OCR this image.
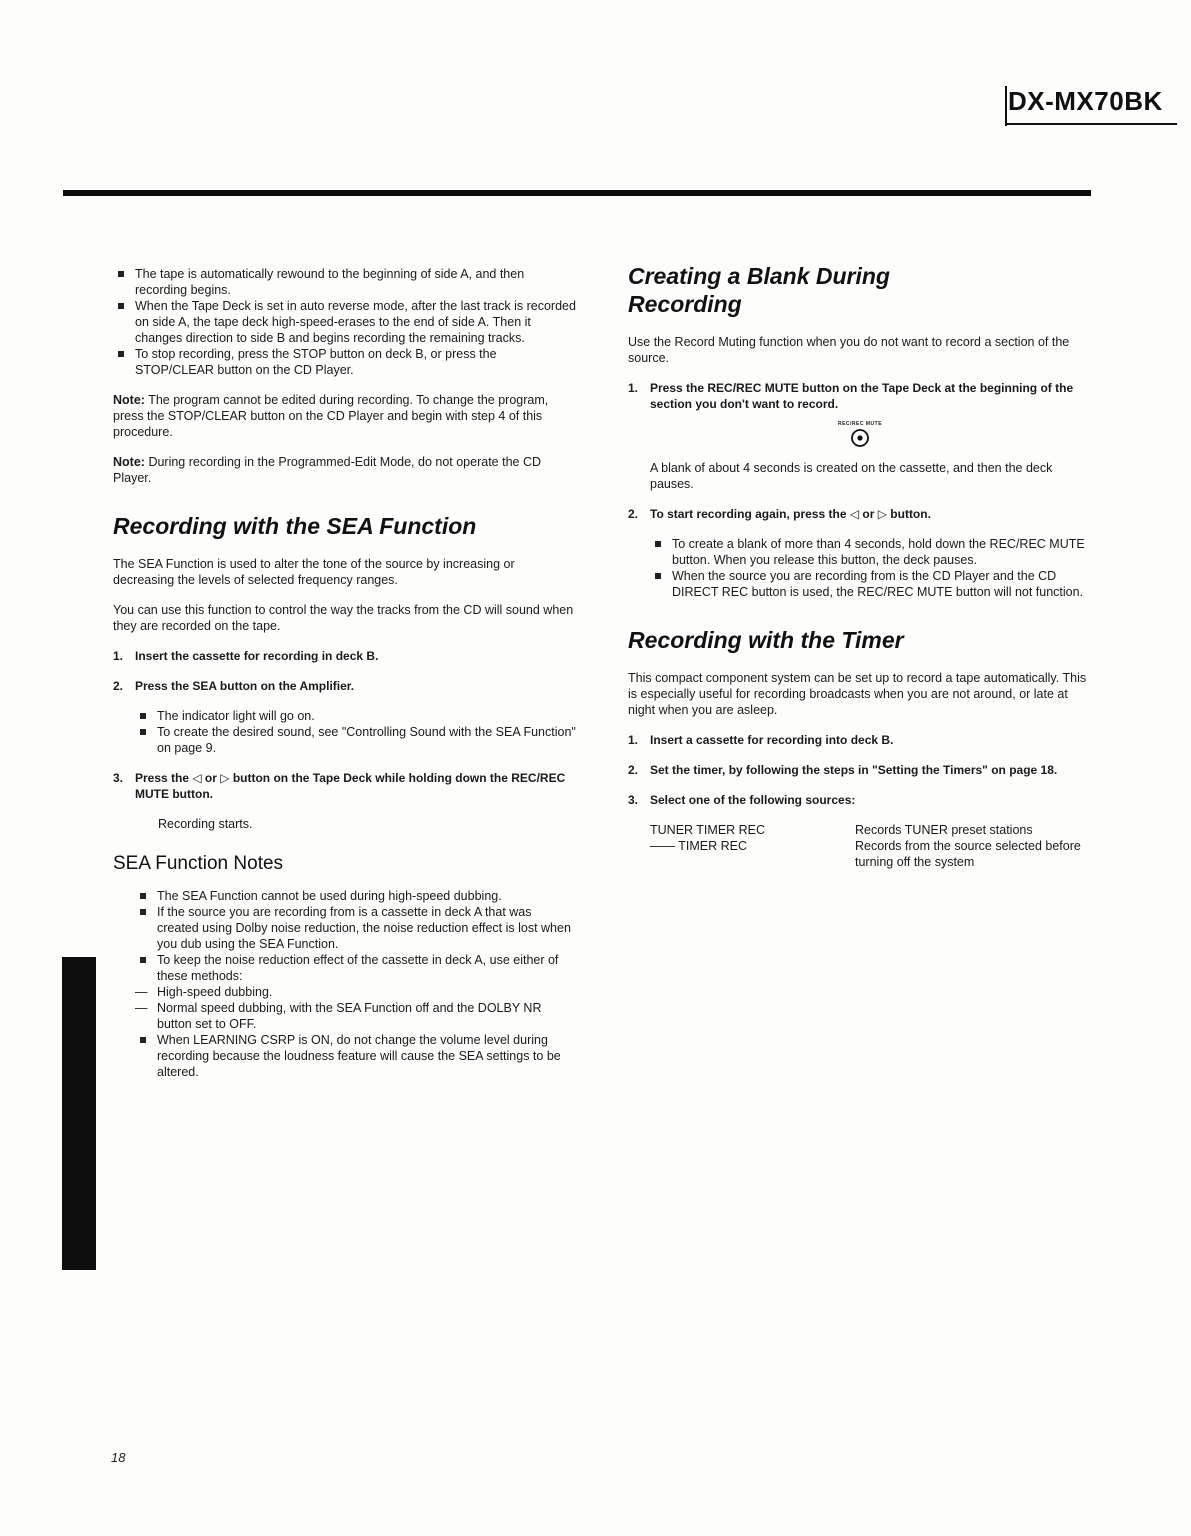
DX-MX70BK
The tape is automatically rewound to the beginning of side A, and then recording begins.
When the Tape Deck is set in auto reverse mode, after the last track is recorded on side A, the tape deck high-speed-erases to the end of side A. Then it changes direction to side B and begins recording the remaining tracks.
To stop recording, press the STOP button on deck B, or press the STOP/CLEAR button on the CD Player.

Note: The program cannot be edited during recording. To change the program, press the STOP/CLEAR button on the CD Player and begin with step 4 of this procedure.

Note: During recording in the Programmed-Edit Mode, do not operate the CD Player.

Recording with the SEA Function

The SEA Function is used to alter the tone of the source by increasing or decreasing the levels of selected frequency ranges.

You can use this function to control the way the tracks from the CD will sound when they are recorded on the tape.

1. Insert the cassette for recording in deck B.
2. Press the SEA button on the Amplifier.
The indicator light will go on.
To create the desired sound, see "Controlling Sound with the SEA Function" on page 9.
3. Press the ◁ or ▷ button on the Tape Deck while holding down the REC/REC MUTE button.

Recording starts.

SEA Function Notes
The SEA Function cannot be used during high-speed dubbing.
If the source you are recording from is a cassette in deck A that was created using Dolby noise reduction, the noise reduction effect is lost when you dub using the SEA Function.
To keep the noise reduction effect of the cassette in deck A, use either of these methods:
— High-speed dubbing.
— Normal speed dubbing, with the SEA Function off and the DOLBY NR button set to OFF.
When LEARNING CSRP is ON, do not change the volume level during recording because the loudness feature will cause the SEA settings to be altered.
Creating a Blank During
Recording

Use the Record Muting function when you do not want to record a section of the source.

1. Press the REC/REC MUTE button on the Tape Deck at the beginning of the section you don't want to record.
REC/REC MUTE

A blank of about 4 seconds is created on the cassette, and then the deck pauses.

2. To start recording again, press the ◁ or ▷ button.
To create a blank of more than 4 seconds, hold down the REC/REC MUTE button. When you release this button, the deck pauses.
When the source you are recording from is the CD Player and the CD DIRECT REC button is used, the REC/REC MUTE button will not function.
Recording with the Timer

This compact component system can be set up to record a tape automatically. This is especially useful for recording broadcasts when you are not around, or late at night when you are asleep.

1. Insert a cassette for recording into deck B.
2. Set the timer, by following the steps in "Setting the Timers" on page 18.
3. Select one of the following sources:
TUNER TIMER REC	Records TUNER preset stations
—— TIMER REC	Records from the source selected before turning off the system
18
